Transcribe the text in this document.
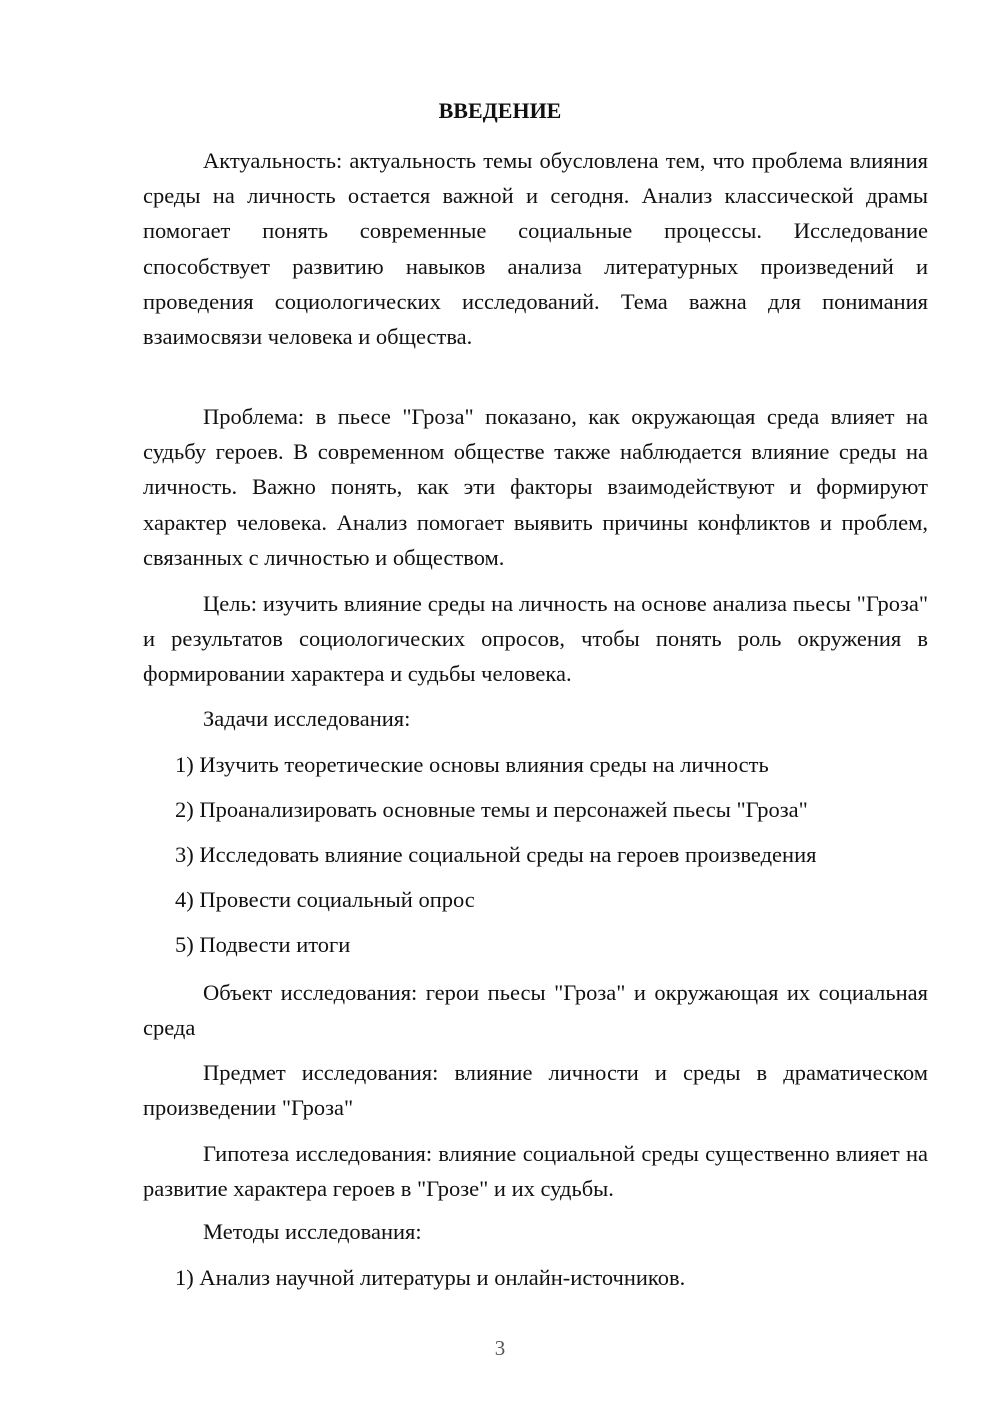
ВВЕДЕНИЕ

Актуальность: актуальность темы обусловлена тем, что проблема влияния среды на личность остается важной и сегодня. Анализ классической драмы помогает понять современные социальные процессы. Исследование способствует развитию навыков анализа литературных произведений и проведения социологических исследований. Тема важна для понимания взаимосвязи человека и общества.

Проблема: в пьесе "Гроза" показано, как окружающая среда влияет на судьбу героев. В современном обществе также наблюдается влияние среды на личность. Важно понять, как эти факторы взаимодействуют и формируют характер человека. Анализ помогает выявить причины конфликтов и проблем, связанных с личностью и обществом.

Цель: изучить влияние среды на личность на основе анализа пьесы "Гроза" и результатов социологических опросов, чтобы понять роль окружения в формировании характера и судьбы человека.

Задачи исследования:

1) Изучить теоретические основы влияния среды на личность

2) Проанализировать основные темы и персонажей пьесы "Гроза"

3) Исследовать влияние социальной среды на героев произведения

4) Провести социальный опрос

5) Подвести итоги

Объект исследования: герои пьесы "Гроза" и окружающая их социальная среда

Предмет исследования: влияние личности и среды в драматическом произведении "Гроза"

Гипотеза исследования: влияние социальной среды существенно влияет на развитие характера героев в "Грозе" и их судьбы.

Методы исследования:

1) Анализ научной литературы и онлайн-источников.

3
